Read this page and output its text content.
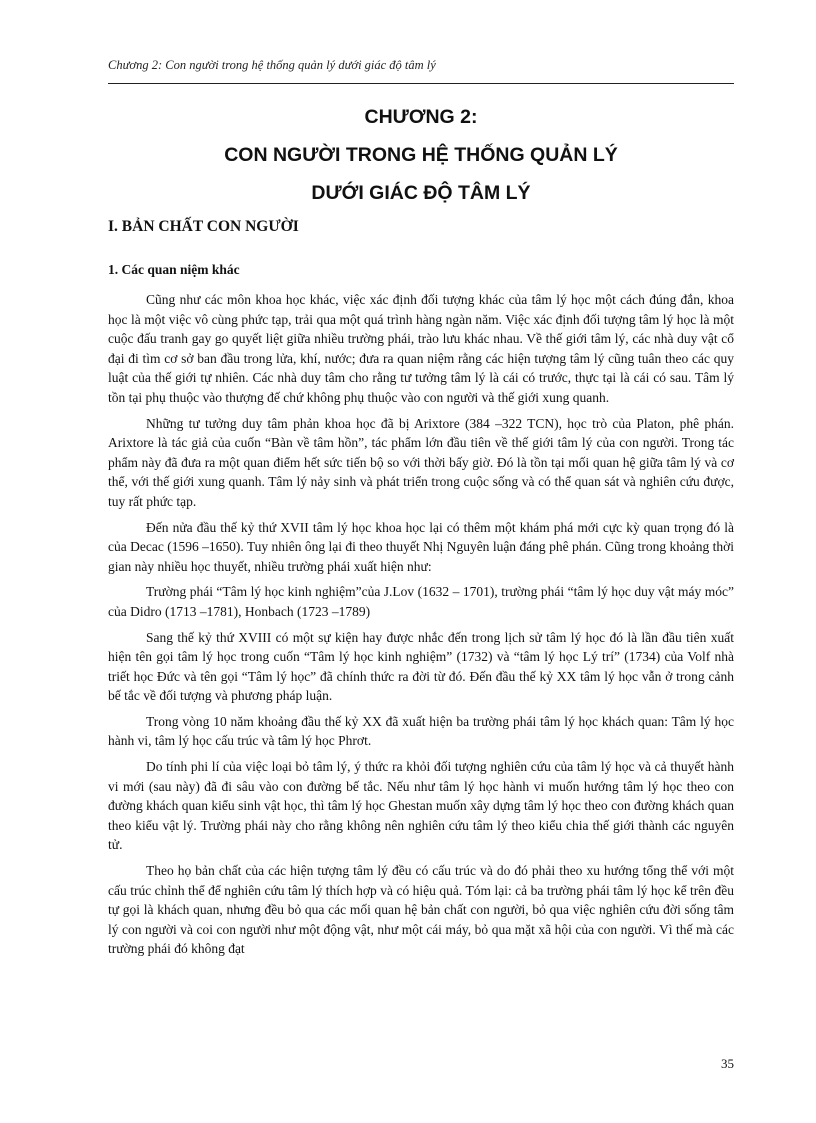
Chương 2: Con người trong hệ thống quản lý dưới giác độ tâm lý
CHƯƠNG 2:
CON NGƯỜI TRONG HỆ THỐNG QUẢN LÝ
DƯỚI GIÁC ĐỘ TÂM LÝ
I. BẢN CHẤT CON NGƯỜI
1. Các quan niệm khác

Cũng như các môn khoa học khác, việc xác định đối tượng khác của tâm lý học một cách đúng đắn, khoa học là một việc vô cùng phức tạp, trải qua một quá trình hàng ngàn năm. Việc xác định đối tượng tâm lý học là một cuộc đấu tranh gay go quyết liệt giữa nhiều trường phái, trào lưu khác nhau. Về thế giới tâm lý, các nhà duy vật cổ đại đi tìm cơ sở ban đầu trong lửa, khí, nước; đưa ra quan niệm rằng các hiện tượng tâm lý cũng tuân theo các quy luật của thế giới tự nhiên. Các nhà duy tâm cho rằng tư tưởng tâm lý là cái có trước, thực tại là cái có sau. Tâm lý tồn tại phụ thuộc vào thượng đế chứ không phụ thuộc vào con người và thế giới xung quanh.

Những tư tưởng duy tâm phản khoa học đã bị Arixtore (384 –322 TCN), học trò của Platon, phê phán. Arixtore là tác giả của cuốn “Bàn về tâm hồn”, tác phẩm lớn đầu tiên về thế giới tâm lý của con người. Trong tác phẩm này đã đưa ra một quan điểm hết sức tiến bộ so với thời bấy giờ. Đó là tồn tại mối quan hệ giữa tâm lý và cơ thể, với thế giới xung quanh. Tâm lý nảy sinh và phát triển trong cuộc sống và có thể quan sát và nghiên cứu được, tuy rất phức tạp.

Đến nửa đầu thế kỷ thứ XVII tâm lý học khoa học lại có thêm một khám phá mới cực kỳ quan trọng đó là của Decac (1596 –1650). Tuy nhiên ông lại đi theo thuyết Nhị Nguyên luận đáng phê phán. Cũng trong khoảng thời gian này nhiều học thuyết, nhiều trường phái xuất hiện như:

Trường phái “Tâm lý học kinh nghiệm”của J.Lov (1632 – 1701), trường phái “tâm lý học duy vật máy móc” của Didro (1713 –1781), Honbach (1723 –1789)

Sang thế kỷ thứ XVIII có một sự kiện hay được nhắc đến trong lịch sử tâm lý học đó là lần đầu tiên xuất hiện tên gọi tâm lý học trong cuốn “Tâm lý học kinh nghiệm” (1732) và “tâm lý học Lý trí” (1734) của Volf nhà triết học Đức và tên gọi “Tâm lý học” đã chính thức ra đời từ đó. Đến đầu thế kỷ XX tâm lý học vẫn ở trong cảnh bế tắc về đối tượng và phương pháp luận.

Trong vòng 10 năm khoảng đầu thế kỷ XX đã xuất hiện ba trường phái tâm lý học khách quan: Tâm lý học hành vi, tâm lý học cấu trúc và tâm lý học Phrơt.

Do tính phi lí của việc loại bỏ tâm lý, ý thức ra khỏi đối tượng nghiên cứu của tâm lý học và cả thuyết hành vi mới (sau này) đã đi sâu vào con đường bế tắc. Nếu như tâm lý học hành vi muốn hướng tâm lý học theo con đường khách quan kiểu sinh vật học, thì tâm lý học Ghestan muốn xây dựng tâm lý học theo con đường khách quan theo kiểu vật lý. Trường phái này cho rằng không nên nghiên cứu tâm lý theo kiểu chia thế giới thành các nguyên tử.

Theo họ bản chất của các hiện tượng tâm lý đều có cấu trúc và do đó phải theo xu hướng tổng thể với một cấu trúc chỉnh thể để nghiên cứu tâm lý thích hợp và có hiệu quả. Tóm lại: cả ba trường phái tâm lý học kể trên đều tự gọi là khách quan, nhưng đều bỏ qua các mối quan hệ bản chất con người, bỏ qua việc nghiên cứu đời sống tâm lý con người và coi con người như một động vật, như một cái máy, bỏ qua mặt xã hội của con người. Vì thế mà các trường phái đó không đạt

35
